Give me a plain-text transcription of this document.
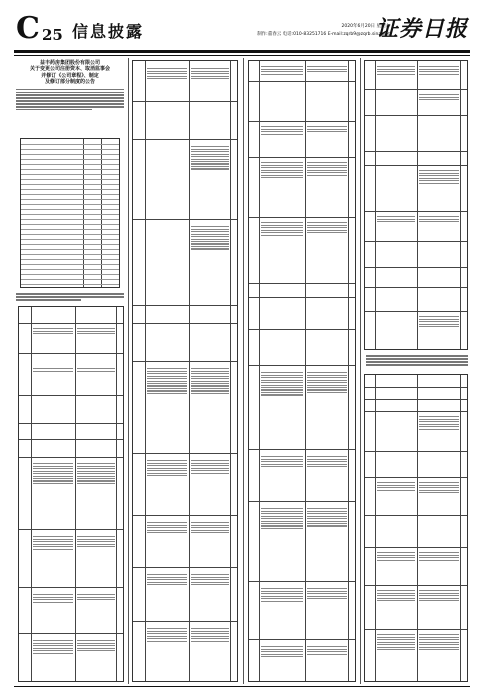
C 25 信息披露	2020年6月20日 星期六
制作:董春云 电话:010-83251716 E-mail:zqrb9@zqrb.sina.net
证券日报
益丰药房集团股份有限公司
关于变更公司注册资本、取消监事会
并修订《公司章程》、制定
及修订部分制度的公告
